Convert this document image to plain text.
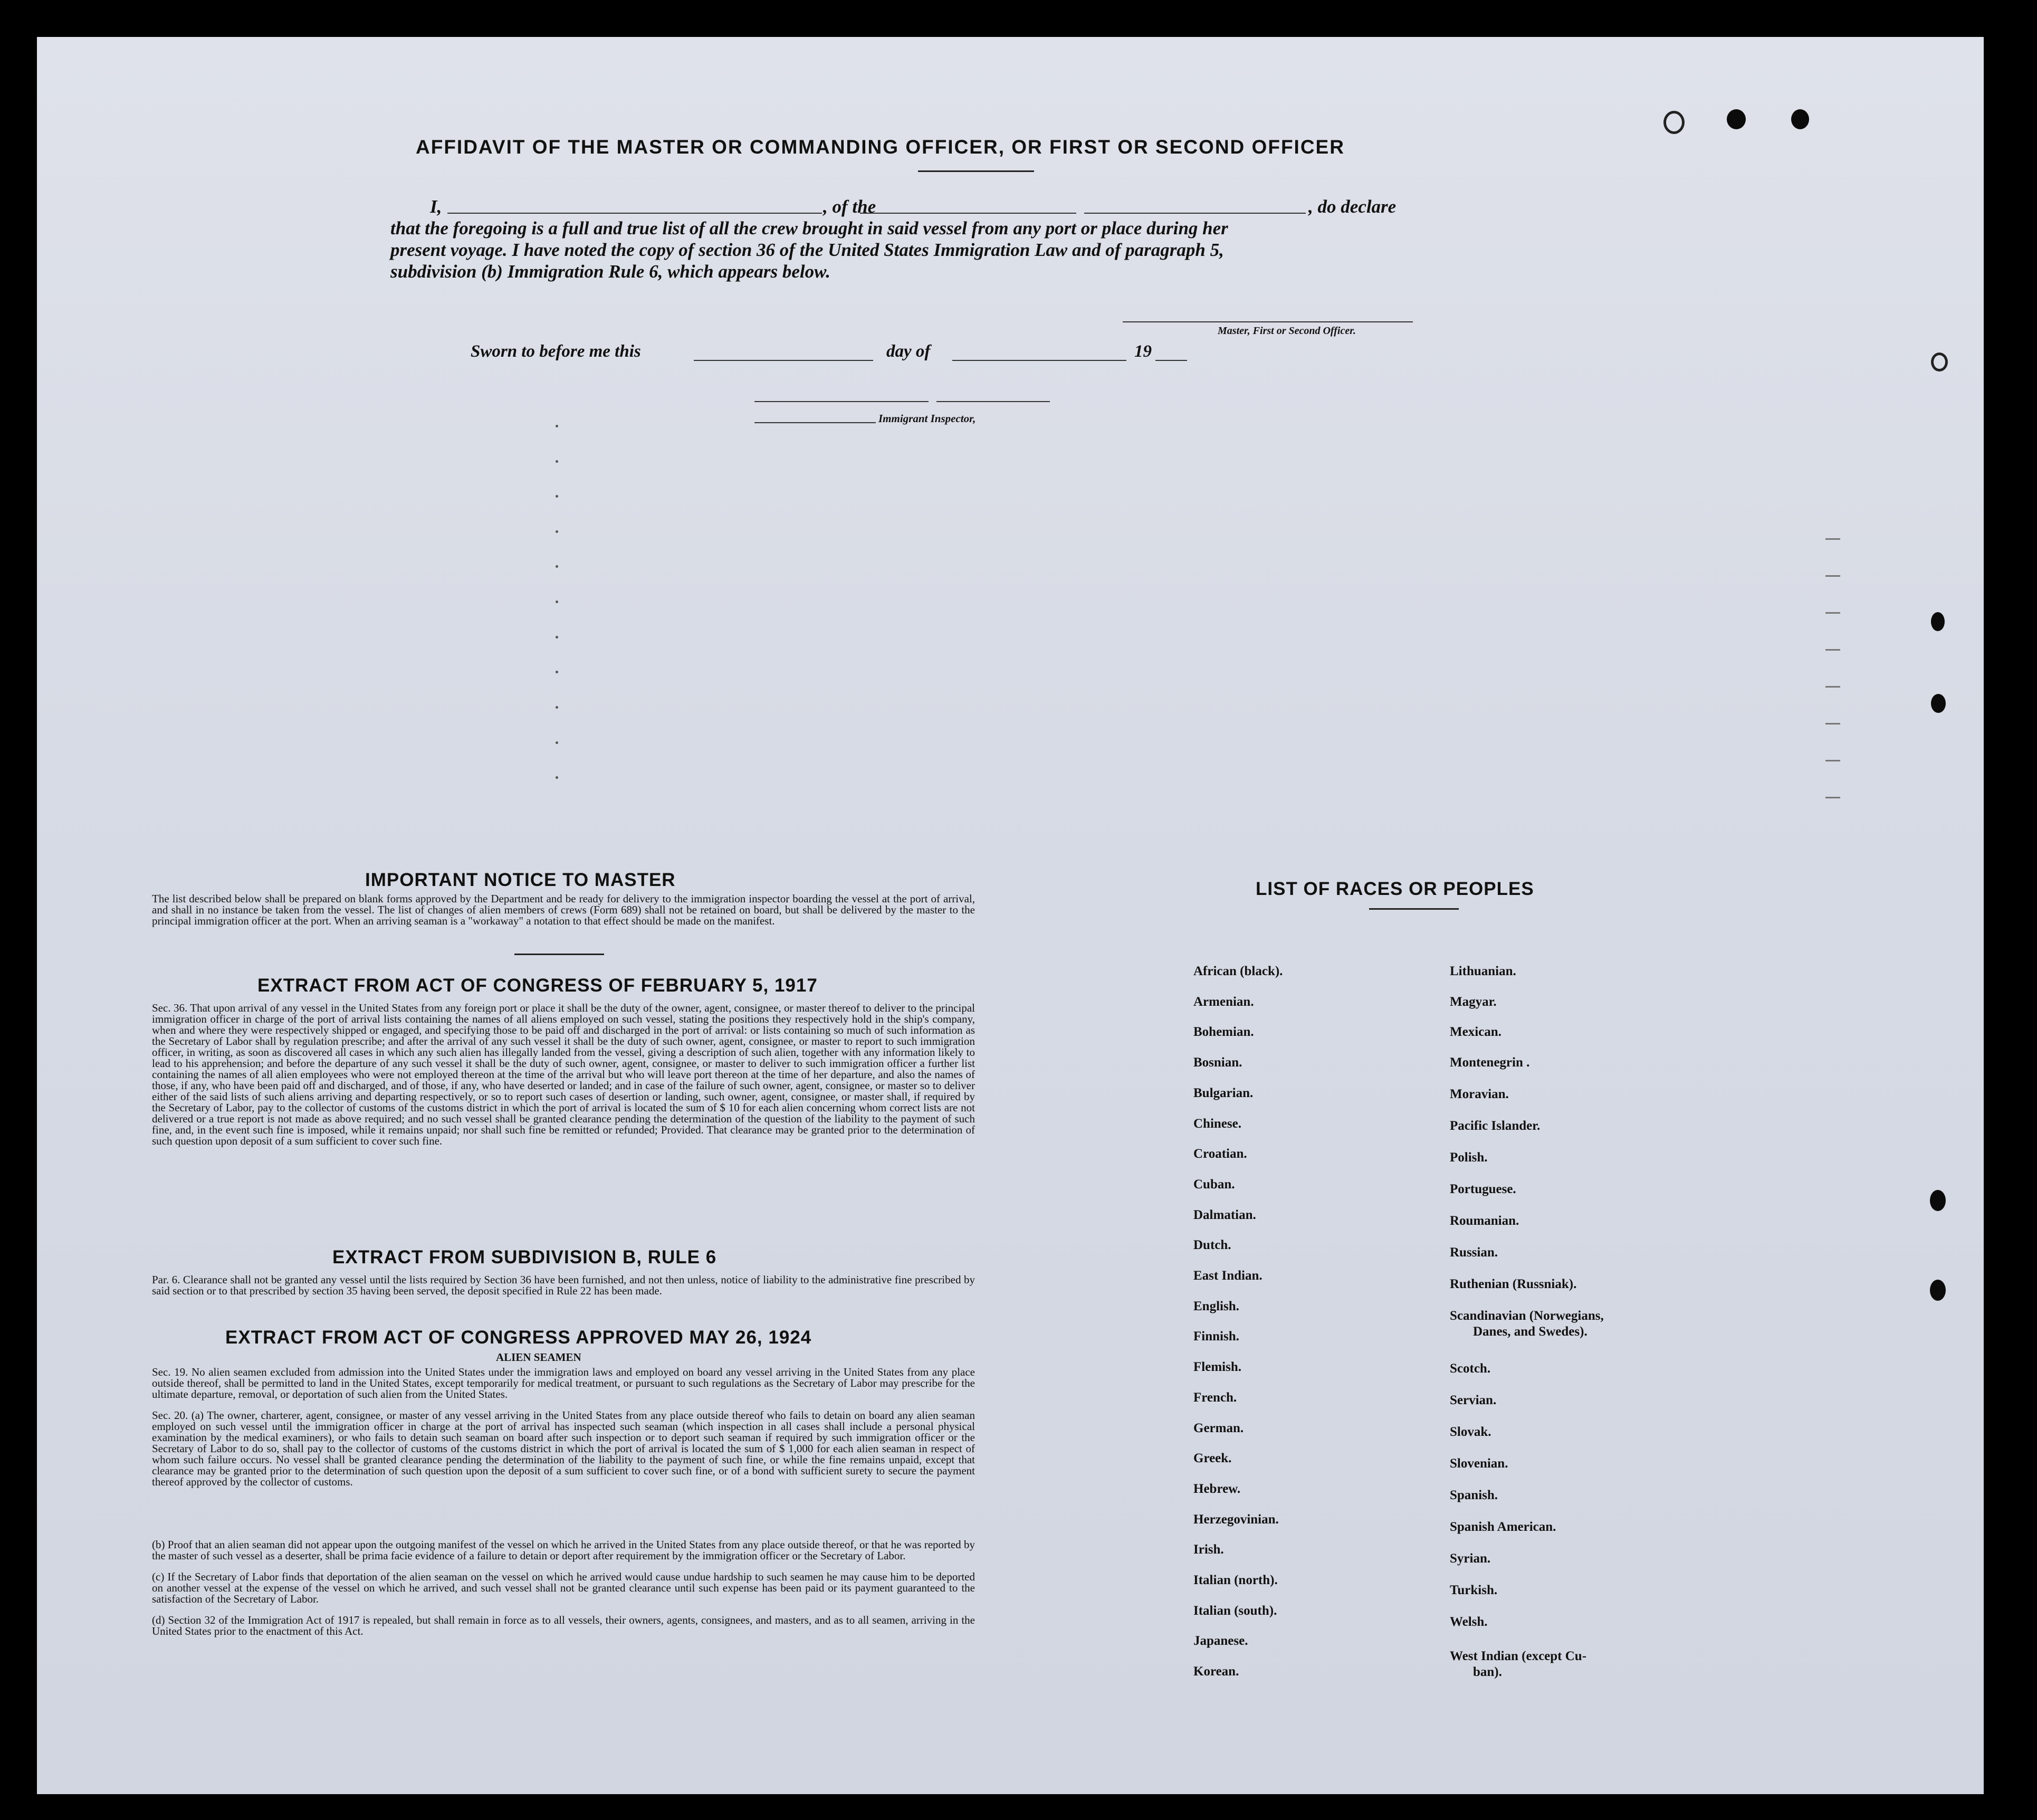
AFFIDAVIT OF THE MASTER OR COMMANDING OFFICER, OR FIRST OR SECOND OFFICER
I,	, of the	, do declare
that the foregoing is a full and true list of all the crew brought in said vessel from any port or place during her
present voyage. I have noted the copy of section 36 of the United States Immigration Law and of paragraph 5,
subdivision (b) Immigration Rule 6, which appears below.
Master, First or Second Officer.
Sworn to before me this	day of	19
Immigrant Inspector,
IMPORTANT NOTICE TO MASTER
The list described below shall be prepared on blank forms approved by the Department and be ready for delivery to the immigration inspector boarding the vessel at the port of arrival, and shall in no instance be taken from the vessel. The list of changes of alien members of crews (Form 689) shall not be retained on board, but shall be delivered by the master to the principal immigration officer at the port. When an arriving seaman is a "workaway" a notation to that effect should be made on the manifest.
EXTRACT FROM ACT OF CONGRESS OF FEBRUARY 5, 1917
Sec. 36. That upon arrival of any vessel in the United States from any foreign port or place it shall be the duty of the owner, agent, consignee, or master thereof to deliver to the principal immigration officer in charge of the port of arrival lists containing the names of all aliens employed on such vessel, stating the positions they respectively hold in the ship's company, when and where they were respectively shipped or engaged, and specifying those to be paid off and discharged in the port of arrival: or lists containing so much of such information as the Secretary of Labor shall by regulation prescribe; and after the arrival of any such vessel it shall be the duty of such owner, agent, consignee, or master to report to such immigration officer, in writing, as soon as discovered all cases in which any such alien has illegally landed from the vessel, giving a description of such alien, together with any information likely to lead to his apprehension; and before the departure of any such vessel it shall be the duty of such owner, agent, consignee, or master to deliver to such immigration officer a further list containing the names of all alien employees who were not employed thereon at the time of the arrival but who will leave port thereon at the time of her departure, and also the names of those, if any, who have been paid off and discharged, and of those, if any, who have deserted or landed; and in case of the failure of such owner, agent, consignee, or master so to deliver either of the said lists of such aliens arriving and departing respectively, or so to report such cases of desertion or landing, such owner, agent, consignee, or master shall, if required by the Secretary of Labor, pay to the collector of customs of the customs district in which the port of arrival is located the sum of $ 10 for each alien concerning whom correct lists are not delivered or a true report is not made as above required; and no such vessel shall be granted clearance pending the determination of the question of the liability to the payment of such fine, and, in the event such fine is imposed, while it remains unpaid; nor shall such fine be remitted or refunded; Provided. That clearance may be granted prior to the determination of such question upon deposit of a sum sufficient to cover such fine.
EXTRACT FROM SUBDIVISION B, RULE 6
Par. 6. Clearance shall not be granted any vessel until the lists required by Section 36 have been furnished, and not then unless, notice of liability to the administrative fine prescribed by said section or to that prescribed by section 35 having been served, the deposit specified in Rule 22 has been made.
EXTRACT FROM ACT OF CONGRESS APPROVED MAY 26, 1924
ALIEN SEAMEN
Sec. 19. No alien seamen excluded from admission into the United States under the immigration laws and employed on board any vessel arriving in the United States from any place outside thereof, shall be permitted to land in the United States, except temporarily for medical treatment, or pursuant to such regulations as the Secretary of Labor may prescribe for the ultimate departure, removal, or deportation of such alien from the United States.
Sec. 20. (a) The owner, charterer, agent, consignee, or master of any vessel arriving in the United States from any place outside thereof who fails to detain on board any alien seaman employed on such vessel until the immigration officer in charge at the port of arrival has inspected such seaman (which inspection in all cases shall include a personal physical examination by the medical examiners), or who fails to detain such seaman on board after such inspection or to deport such seaman if required by such immigration officer or the Secretary of Labor to do so, shall pay to the collector of customs of the customs district in which the port of arrival is located the sum of $ 1,000 for each alien seaman in respect of whom such failure occurs. No vessel shall be granted clearance pending the determination of the liability to the payment of such fine, or while the fine remains unpaid, except that clearance may be granted prior to the determination of such question upon the deposit of a sum sufficient to cover such fine, or of a bond with sufficient surety to secure the payment thereof approved by the collector of customs.
(b) Proof that an alien seaman did not appear upon the outgoing manifest of the vessel on which he arrived in the United States from any place outside thereof, or that he was reported by the master of such vessel as a deserter, shall be prima facie evidence of a failure to detain or deport after requirement by the immigration officer or the Secretary of Labor.
(c) If the Secretary of Labor finds that deportation of the alien seaman on the vessel on which he arrived would cause undue hardship to such seamen he may cause him to be deported on another vessel at the expense of the vessel on which he arrived, and such vessel shall not be granted clearance until such expense has been paid or its payment guaranteed to the satisfaction of the Secretary of Labor.
(d) Section 32 of the Immigration Act of 1917 is repealed, but shall remain in force as to all vessels, their owners, agents, consignees, and masters, and as to all seamen, arriving in the United States prior to the enactment of this Act.
LIST OF RACES OR PEOPLES
African (black).
Armenian.
Bohemian.
Bosnian.
Bulgarian.
Chinese.
Croatian.
Cuban.
Dalmatian.
Dutch.
East Indian.
English.
Finnish.
Flemish.
French.
German.
Greek.
Hebrew.
Herzegovinian.
Irish.
Italian (north).
Italian (south).
Japanese.
Korean.
Lithuanian.
Magyar.
Mexican.
Montenegrin .
Moravian.
Pacific Islander.
Polish.
Portuguese.
Roumanian.
Russian.
Ruthenian (Russniak).
Scandinavian (Norwegians,
Danes, and Swedes).
Scotch.
Servian.
Slovak.
Slovenian.
Spanish.
Spanish American.
Syrian.
Turkish.
Welsh.
West Indian (except Cu-
ban).
